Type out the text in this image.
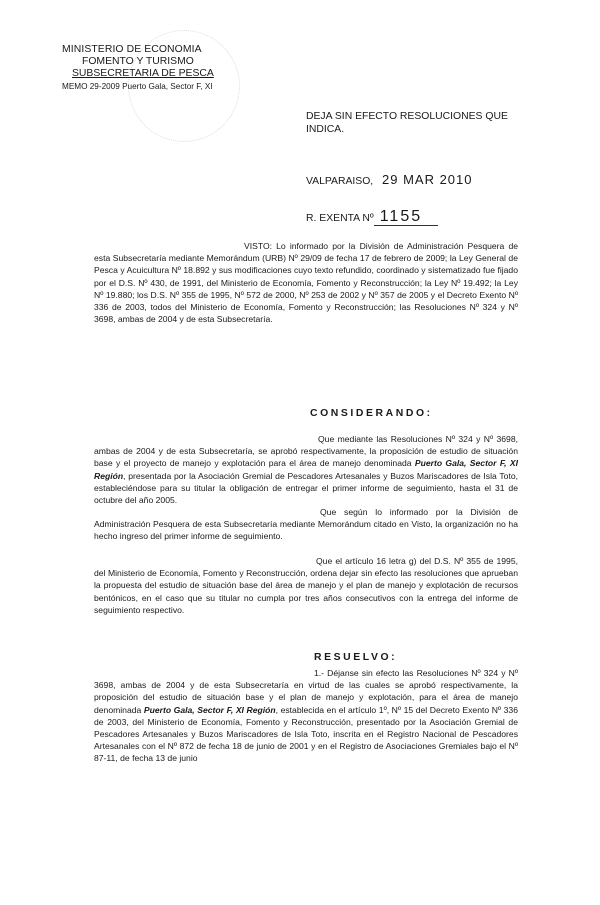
MINISTERIO DE ECONOMIA
FOMENTO Y TURISMO
SUBSECRETARIA DE PESCA
MEMO 29-2009 Puerto Gala, Sector F, XI
DEJA SIN EFECTO RESOLUCIONES QUE INDICA.
VALPARAISO, 29 MAR 2010
R. EXENTA Nº 1155
VISTO: Lo informado por la División de Administración Pesquera de esta Subsecretaría mediante Memorándum (URB) Nº 29/09 de fecha 17 de febrero de 2009; la Ley General de Pesca y Acuicultura Nº 18.892 y sus modificaciones cuyo texto refundido, coordinado y sistematizado fue fijado por el D.S. Nº 430, de 1991, del Ministerio de Economía, Fomento y Reconstrucción; la Ley Nº 19.492; la Ley Nº 19.880; los D.S. Nº 355 de 1995, Nº 572 de 2000, Nº 253 de 2002 y Nº 357 de 2005 y el Decreto Exento Nº 336 de 2003, todos del Ministerio de Economía, Fomento y Reconstrucción; las Resoluciones Nº 324 y Nº 3698, ambas de 2004 y de esta Subsecretaría.
CONSIDERANDO:
Que mediante las Resoluciones Nº 324 y Nº 3698, ambas de 2004 y de esta Subsecretaría, se aprobó respectivamente, la proposición de estudio de situación base y el proyecto de manejo y explotación para el área de manejo denominada Puerto Gala, Sector F, XI Región, presentada por la Asociación Gremial de Pescadores Artesanales y Buzos Mariscadores de Isla Toto, estableciéndose para su titular la obligación de entregar el primer informe de seguimiento, hasta el 31 de octubre del año 2005.
Que según lo informado por la División de Administración Pesquera de esta Subsecretaría mediante Memorándum citado en Visto, la organización no ha hecho ingreso del primer informe de seguimiento.
Que el artículo 16 letra g) del D.S. Nº 355 de 1995, del Ministerio de Economía, Fomento y Reconstrucción, ordena dejar sin efecto las resoluciones que aprueban la propuesta del estudio de situación base del área de manejo y el plan de manejo y explotación de recursos bentónicos, en el caso que su titular no cumpla por tres años consecutivos con la entrega del informe de seguimiento respectivo.
RESUELVO:
1.- Déjanse sin efecto las Resoluciones Nº 324 y Nº 3698, ambas de 2004 y de esta Subsecretaría en virtud de las cuales se aprobó respectivamente, la proposición del estudio de situación base y el plan de manejo y explotación, para el área de manejo denominada Puerto Gala, Sector F, XI Región, establecida en el artículo 1º, Nº 15 del Decreto Exento Nº 336 de 2003, del Ministerio de Economía, Fomento y Reconstrucción, presentado por la Asociación Gremial de Pescadores Artesanales y Buzos Mariscadores de Isla Toto, inscrita en el Registro Nacional de Pescadores Artesanales con el Nº 872 de fecha 18 de junio de 2001 y en el Registro de Asociaciones Gremiales bajo el Nº 87-11, de fecha 13 de junio
